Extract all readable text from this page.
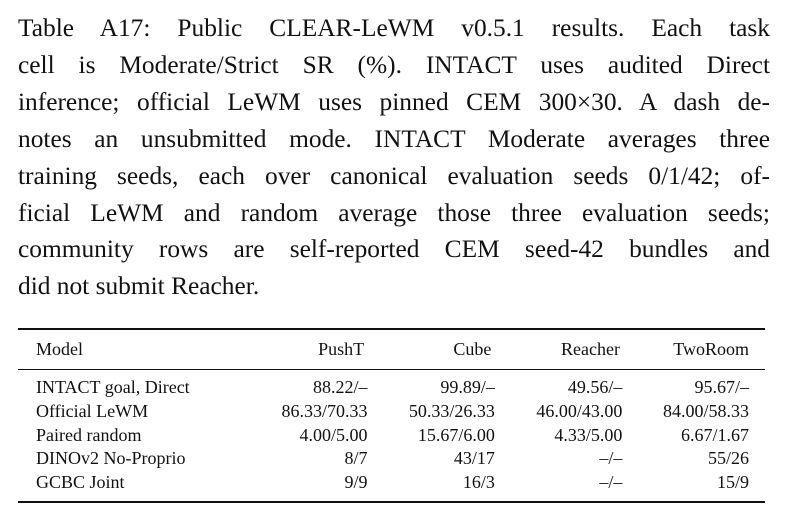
Table A17: Public CLEAR-LeWM v0.5.1 results. Each task
cell is Moderate/Strict SR (%). INTACT uses audited Direct
inference; official LeWM uses pinned CEM 300×30. A dash de-
notes an unsubmitted mode. INTACT Moderate averages three
training seeds, each over canonical evaluation seeds 0/1/42; of-
ficial LeWM and random average those three evaluation seeds;
community rows are self-reported CEM seed-42 bundles and
did not submit Reacher.
Model	PushT	Cube	Reacher	TwoRoom
INTACT goal, Direct	88.22/–	99.89/–	49.56/–	95.67/–
Official LeWM	86.33/70.33	50.33/26.33	46.00/43.00	84.00/58.33
Paired random	4.00/5.00	15.67/6.00	4.33/5.00	6.67/1.67
DINOv2 No-Proprio	8/7	43/17	–/–	55/26
GCBC Joint	9/9	16/3	–/–	15/9
